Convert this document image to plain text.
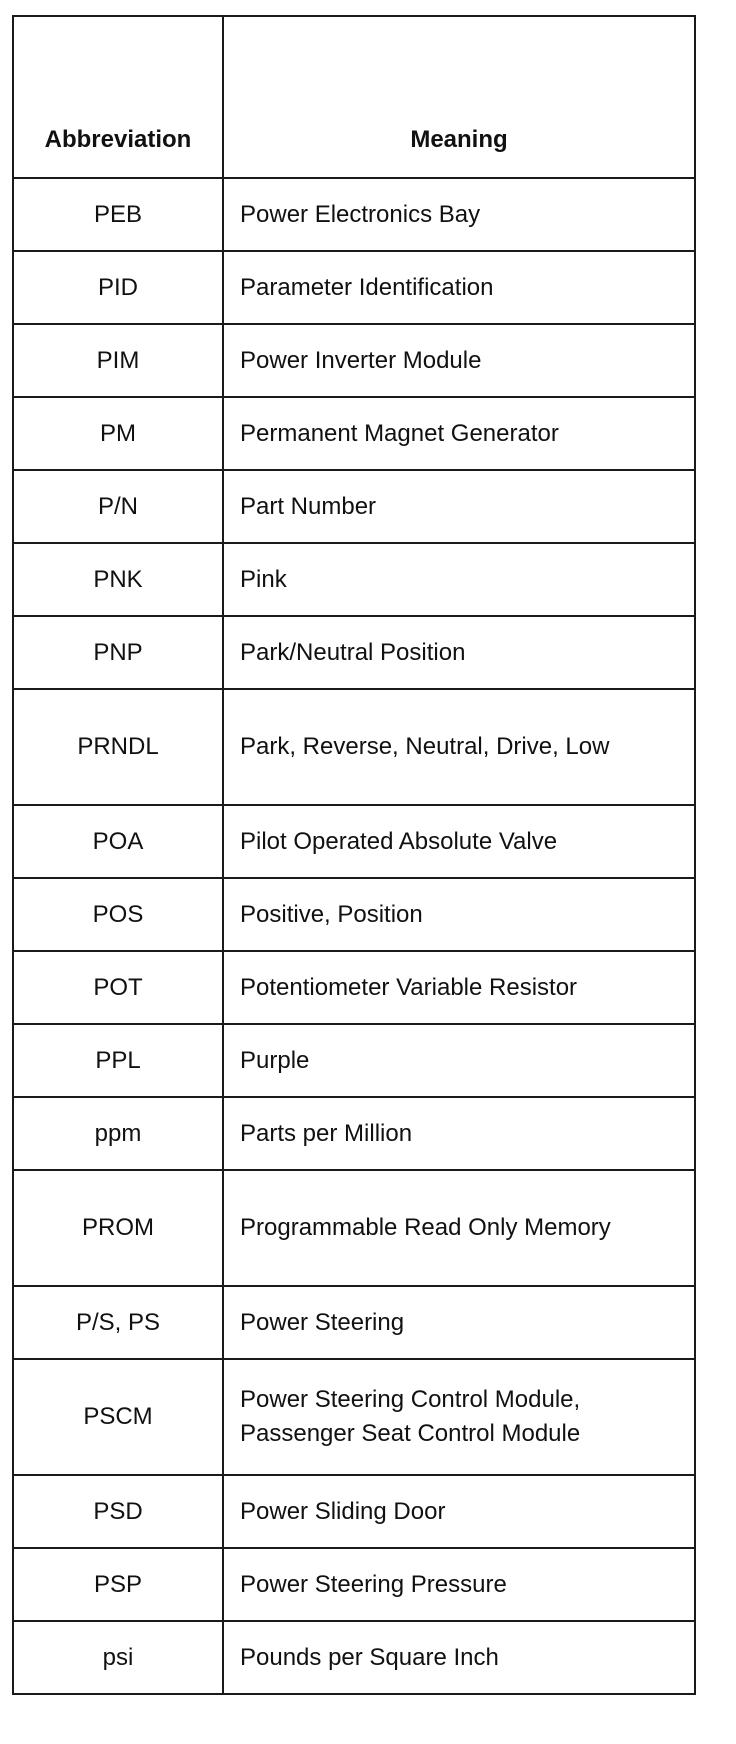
Abbreviation	Meaning
PEB	Power Electronics Bay
PID	Parameter Identification
PIM	Power Inverter Module
PM	Permanent Magnet Generator
P/N	Part Number
PNK	Pink
PNP	Park/Neutral Position
PRNDL	Park, Reverse, Neutral, Drive, Low
POA	Pilot Operated Absolute Valve
POS	Positive, Position
POT	Potentiometer Variable Resistor
PPL	Purple
ppm	Parts per Million
PROM	Programmable Read Only Memory
P/S, PS	Power Steering
PSCM	Power Steering Control Module, Passenger Seat Control Module
PSD	Power Sliding Door
PSP	Power Steering Pressure
psi	Pounds per Square Inch
